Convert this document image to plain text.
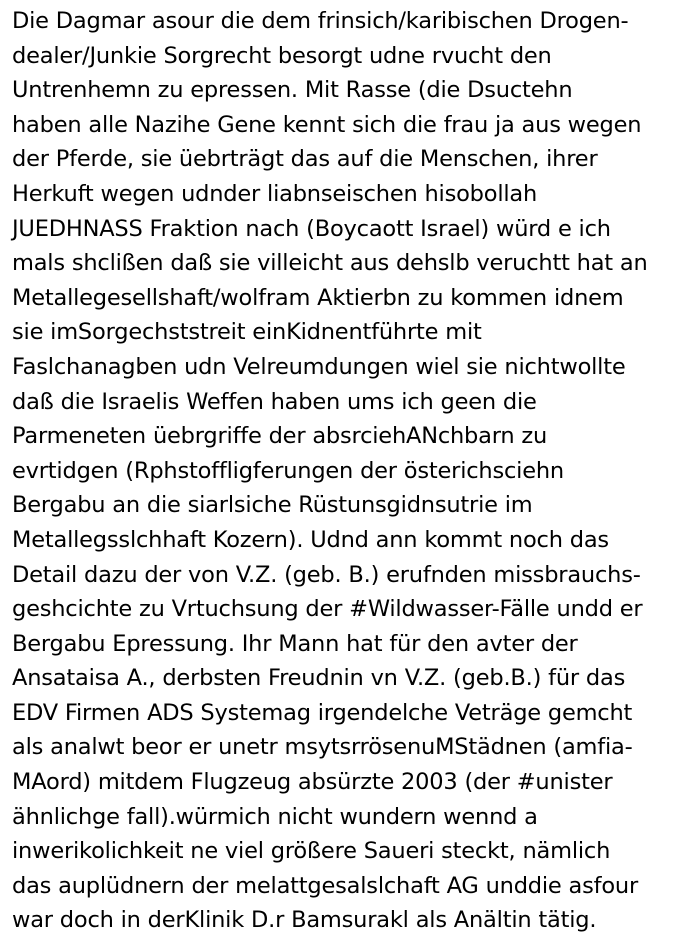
Die Dagmar asour die dem frinsich/karibischen Drogen-
dealer/Junkie Sorgrecht besorgt udne rvucht den
Untrenhemn zu epressen. Mit Rasse (die Dsuctehn
haben alle Nazihe Gene kennt sich die frau ja aus wegen
der Pferde, sie üebrträgt das auf die Menschen, ihrer
Herkuft wegen udnder liabnseischen hisobollah
JUEDHNASS Fraktion nach (Boycaott Israel) würd e ich
mals shclißen daß sie villeicht aus dehslb veruchtt hat an
Metallegesellshaft/wolfram Aktierbn zu kommen idnem
sie imSorgechststreit einKidnentführte mit
Faslchanagben udn Velreumdungen wiel sie nichtwollte
daß die Israelis Weffen haben ums ich geen die
Parmeneten üebrgriffe der absrciehANchbarn zu
evrtidgen (Rphstoffligferungen der österichsciehn
Bergabu an die siarlsiche Rüstunsgidnsutrie im
Metallegsslchhaft Kozern). Udnd ann kommt noch das
Detail dazu der von V.Z. (geb. B.) erufnden missbrauchs-
geshcichte zu Vrtuchsung der #Wildwasser-Fälle undd er
Bergabu Epressung. Ihr Mann hat für den avter der
Ansataisa A., derbsten Freudnin vn V.Z. (geb.B.) für das
EDV Firmen ADS Systemag irgendelche Veträge gemcht
als analwt beor er unetr msytsrrösenuMStädnen (amfia-
MAord) mitdem Flugzeug absürzte 2003 (der #unister
ähnlichge fall).würmich nicht wundern wennd a
inwerikolichkeit ne viel größere Saueri steckt, nämlich
das auplüdnern der melattgesalslchaft AG unddie asfour
war doch in derKlinik D.r Bamsurakl als Anältin tätig.
